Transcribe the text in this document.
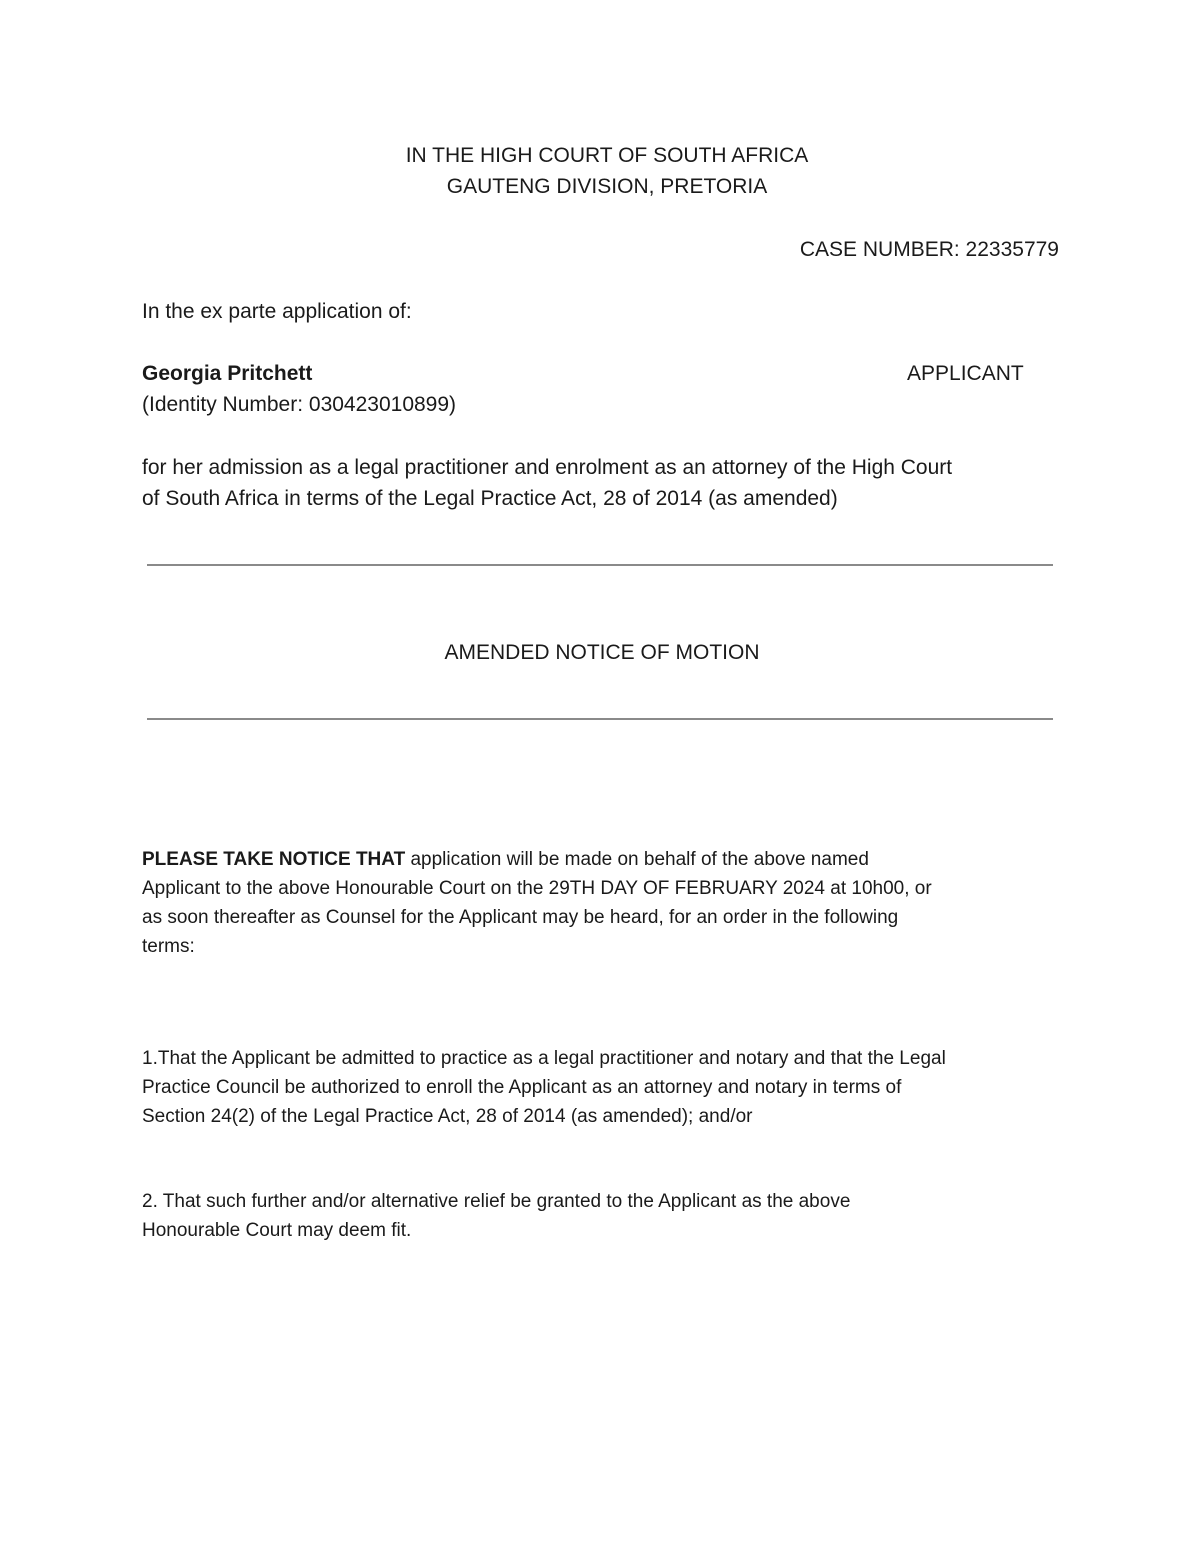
IN THE HIGH COURT OF SOUTH AFRICA

GAUTENG DIVISION, PRETORIA

CASE NUMBER: 22335779

In the ex parte application of:

Georgia Pritchett	APPLICANT

(Identity Number: 030423010899)

for her admission as a legal practitioner and enrolment as an attorney of the High Court
of South Africa in terms of the Legal Practice Act, 28 of 2014 (as amended)

AMENDED NOTICE OF MOTION

PLEASE TAKE NOTICE THAT application will be made on behalf of the above named
Applicant to the above Honourable Court on the 29TH DAY OF FEBRUARY 2024 at 10h00, or
as soon thereafter as Counsel for the Applicant may be heard, for an order in the following
terms:
1.That the Applicant be admitted to practice as a legal practitioner and notary and that the Legal
Practice Council be authorized to enroll the Applicant as an attorney and notary in terms of
Section 24(2) of the Legal Practice Act, 28 of 2014 (as amended); and/or
2. That such further and/or alternative relief be granted to the Applicant as the above
Honourable Court may deem fit.
